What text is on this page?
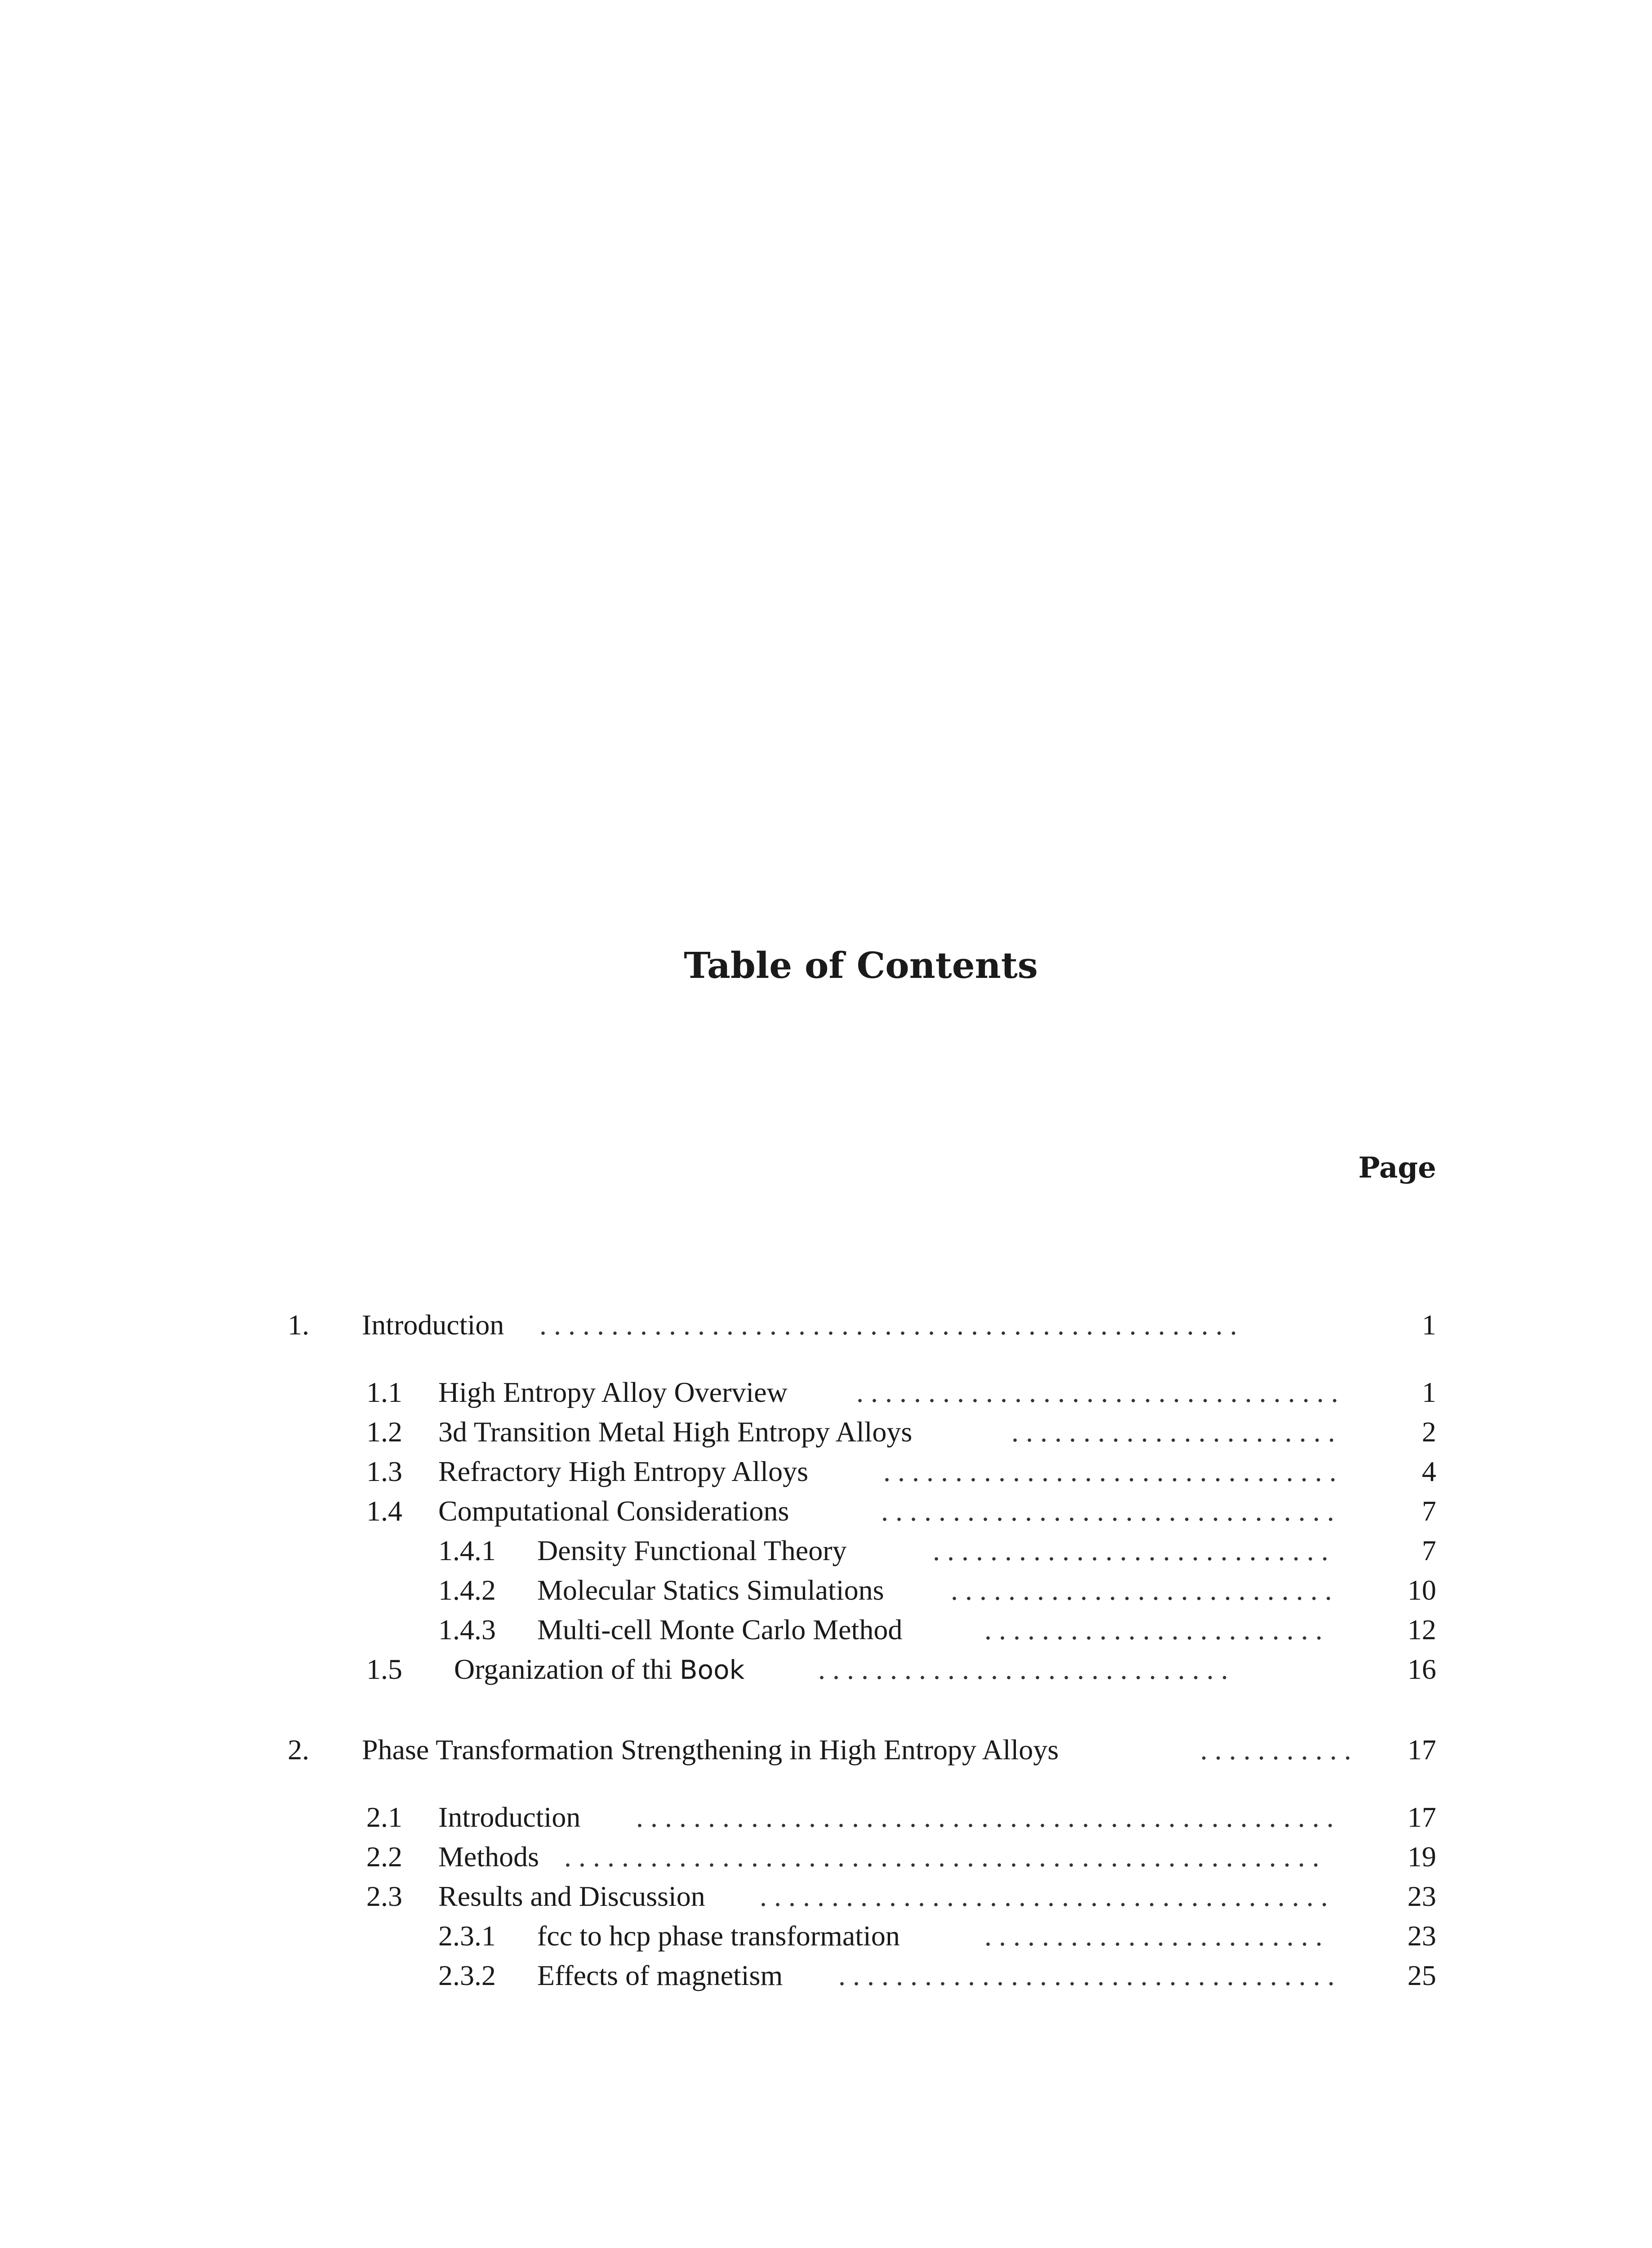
Table of Contents
Page
1. Introduction . . . . . . . . . . . . . . . . . . . . . . . . . . . . . . . . . . . . . . . . . . . . . . . . .	1
1.1 High Entropy Alloy Overview . . . . . . . . . . . . . . . . . . . . . . . . . . . . . . . . . .	1
1.2 3d Transition Metal High Entropy Alloys	. . . . . . . . . . . . . . . . . . . . . . .	2
1.3 Refractory High Entropy Alloys	. . . . . . . . . . . . . . . . . . . . . . . . . . . . . . . .	4
1.4 Computational Considerations	. . . . . . . . . . . . . . . . . . . . . . . . . . . . . . . .	7
1.4.1 Density Functional Theory	. . . . . . . . . . . . . . . . . . . . . . . . . . . .	7
1.4.2 Molecular Statics Simulations . . . . . . . . . . . . . . . . . . . . . . . . . . .	10
1.4.3 Multi-cell Monte Carlo Method	. . . . . . . . . . . . . . . . . . . . . . . .	12
1.5 Organization of thi Book	. . . . . . . . . . . . . . . . . . . . . . . . . . . . .	16
2. Phase Transformation Strengthening in High Entropy Alloys	. . . . . . . . . . .	17
2.1 Introduction . . . . . . . . . . . . . . . . . . . . . . . . . . . . . . . . . . . . . . . . . . . . . . . . .	17
2.2 Methods . . . . . . . . . . . . . . . . . . . . . . . . . . . . . . . . . . . . . . . . . . . . . . . . . . . . .	19
2.3 Results and Discussion . . . . . . . . . . . . . . . . . . . . . . . . . . . . . . . . . . . . . . . .	23
2.3.1 fcc to hcp phase transformation	. . . . . . . . . . . . . . . . . . . . . . . .	23
2.3.2 Effects of magnetism . . . . . . . . . . . . . . . . . . . . . . . . . . . . . . . . . . .	25
